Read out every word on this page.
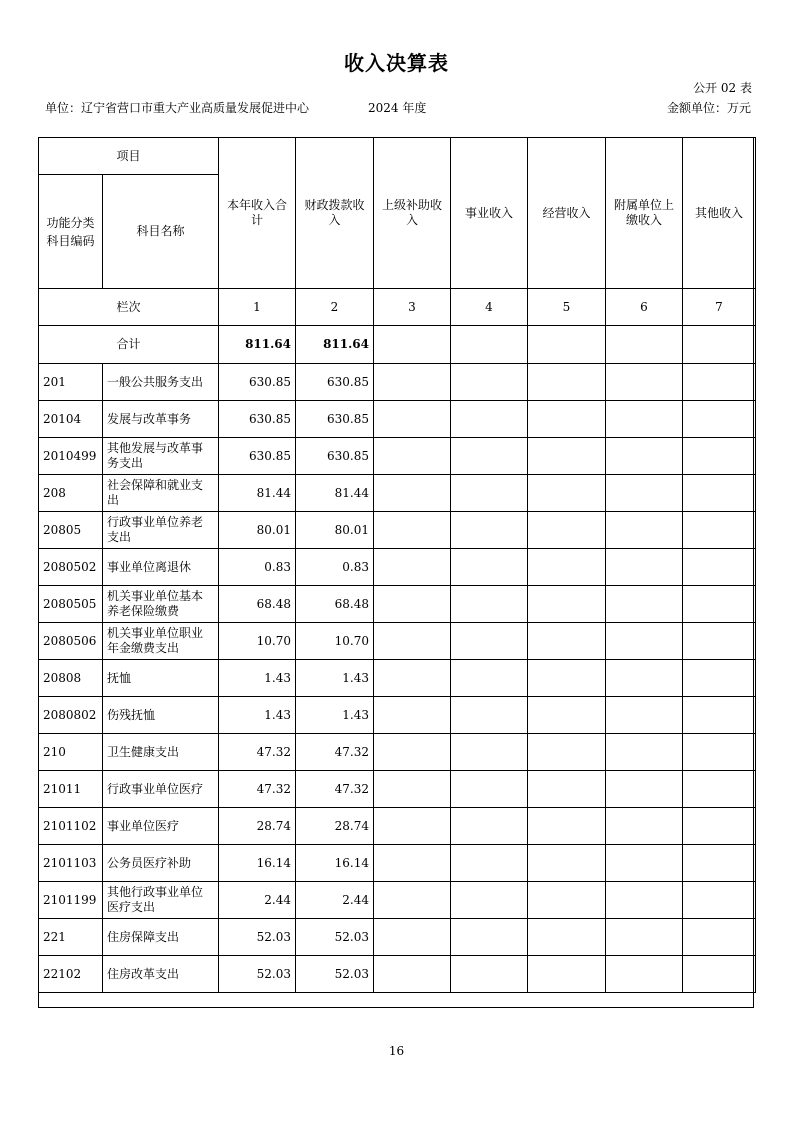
收入决算表
公开 02 表
单位：辽宁省营口市重大产业高质量发展促进中心	2024 年度	金额单位：万元
项目		本年收入合计	财政拨款收入	上级补助收入	事业收入	经营收入	附属单位上缴收入	其他收入
功能分类科目编码	科目名称							
栏次		1	2	3	4	5	6	7
合计		811.64	811.64					
201	一般公共服务支出	630.85	630.85					
20104	发展与改革事务	630.85	630.85					
2010499	其他发展与改革事务支出	630.85	630.85					
208	社会保障和就业支出	81.44	81.44					
20805	行政事业单位养老支出	80.01	80.01					
2080502	事业单位离退休	0.83	0.83					
2080505	机关事业单位基本养老保险缴费	68.48	68.48					
2080506	机关事业单位职业年金缴费支出	10.70	10.70					
20808	抚恤	1.43	1.43					
2080802	伤残抚恤	1.43	1.43					
210	卫生健康支出	47.32	47.32					
21011	行政事业单位医疗	47.32	47.32					
2101102	事业单位医疗	28.74	28.74					
2101103	公务员医疗补助	16.14	16.14					
2101199	其他行政事业单位医疗支出	2.44	2.44					
221	住房保障支出	52.03	52.03					
22102	住房改革支出	52.03	52.03					
16
